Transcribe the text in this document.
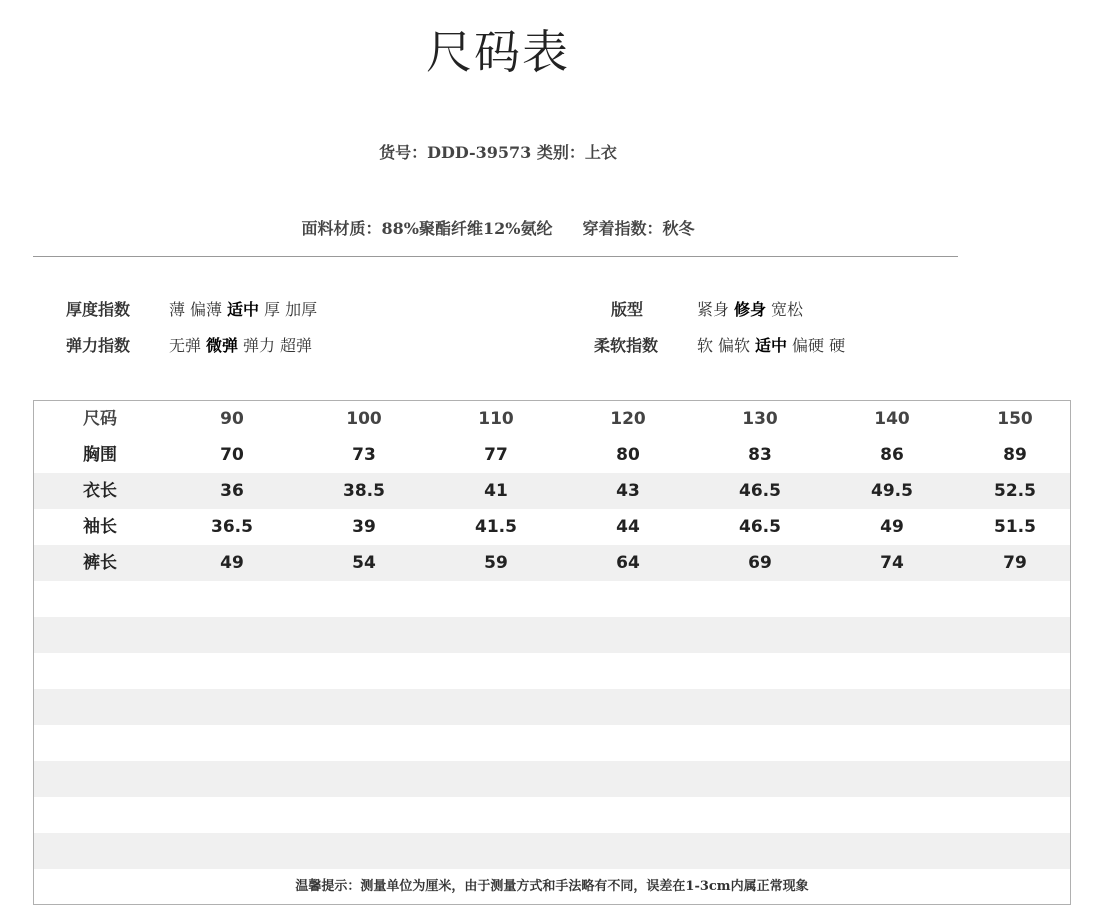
尺码表
货号：DDD-39573 类别：上衣
面料材质：88%聚酯纤维12%氨纶 穿着指数：秋冬
厚度指数 薄 偏薄 适中 厚 加厚
弹力指数 无弹 微弹 弹力 超弹
版型	紧身 修身 宽松
柔软指数 软 偏软 适中 偏硬 硬
尺码	90	100	110	120	130	140	150
胸围	70	73	77	80	83	86	89
衣长	36	38.5	41	43	46.5	49.5	52.5
袖长	36.5	39	41.5	44	46.5	49	51.5
裤长	49	54	59	64	69	74	79
温馨提示：测量单位为厘米，由于测量方式和手法略有不同，误差在1-3cm内属正常现象
